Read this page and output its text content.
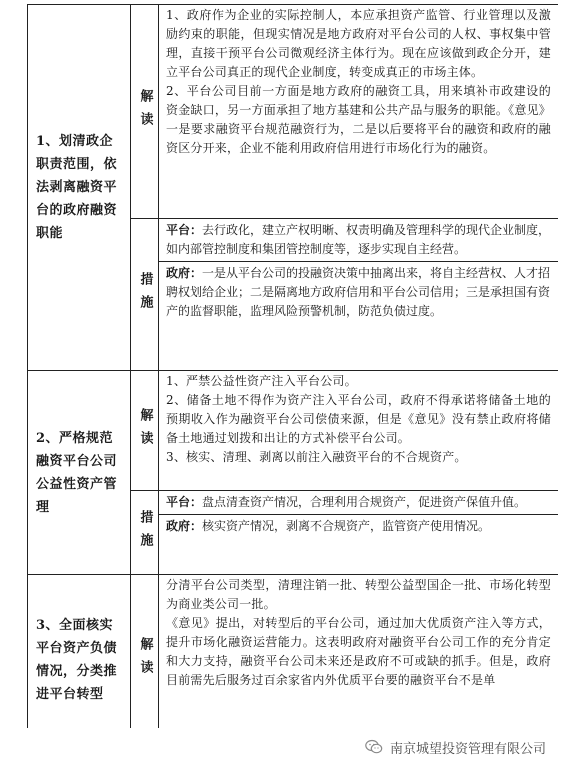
1、划清政企职责范围，依法剥离融资平台的政府融资职能	解读	1、政府作为企业的实际控制人，本应承担资产监管、行业管理以及激励约束的职能，但现实情况是地方政府对平台公司的人权、事权集中管理，直接干预平台公司微观经济主体行为。现在应该做到政企分开，建立平台公司真正的现代企业制度，转变成真正的市场主体。

2、平台公司目前一方面是地方政府的融资工具，用来填补市政建设的资金缺口，另一方面承担了地方基建和公共产品与服务的职能。《意见》一是要求融资平台规范融资行为，二是以后要将平台的融资和政府的融资区分开来，企业不能利用政府信用进行市场化行为的融资。

	措施	平台：去行政化，建立产权明晰、权责明确及管理科学的现代企业制度，如内部管控制度和集团管控制度等，逐步实现自主经营。
政府：一是从平台公司的投融资决策中抽离出来，将自主经营权、人才招聘权划给企业；二是隔离地方政府信用和平台公司信用；三是承担国有资产的监督职能，监理风险预警机制，防范负债过度。

2、严格规范融资平台公司公益性资产管理	解读	1、严禁公益性资产注入平台公司。

2、储备土地不得作为资产注入平台公司，政府不得承诺将储备土地的预期收入作为融资平台公司偿债来源，但是《意见》没有禁止政府将储备土地通过划拨和出让的方式补偿平台公司。

3、核实、清理、剥离以前注入融资平台的不合规资产。

	措施	平台：盘点清查资产情况，合理利用合规资产，促进资产保值升值。
政府：核实资产情况，剥离不合规资产，监管资产使用情况。

3、全面核实平台资产负债情况，分类推进平台转型	解读	分清平台公司类型，清理注销一批、转型公益型国企一批、市场化转型为商业类公司一批。

《意见》提出，对转型后的平台公司，通过加大优质资产注入等方式，提升市场化融资运营能力。这表明政府对融资平台公司工作的充分肯定和大力支持，融资平台公司未来还是政府不可或缺的抓手。但是，政府目前需先后服务过百余家省内外优质平台要的融资平台不是单

南京城望投资管理有限公司
